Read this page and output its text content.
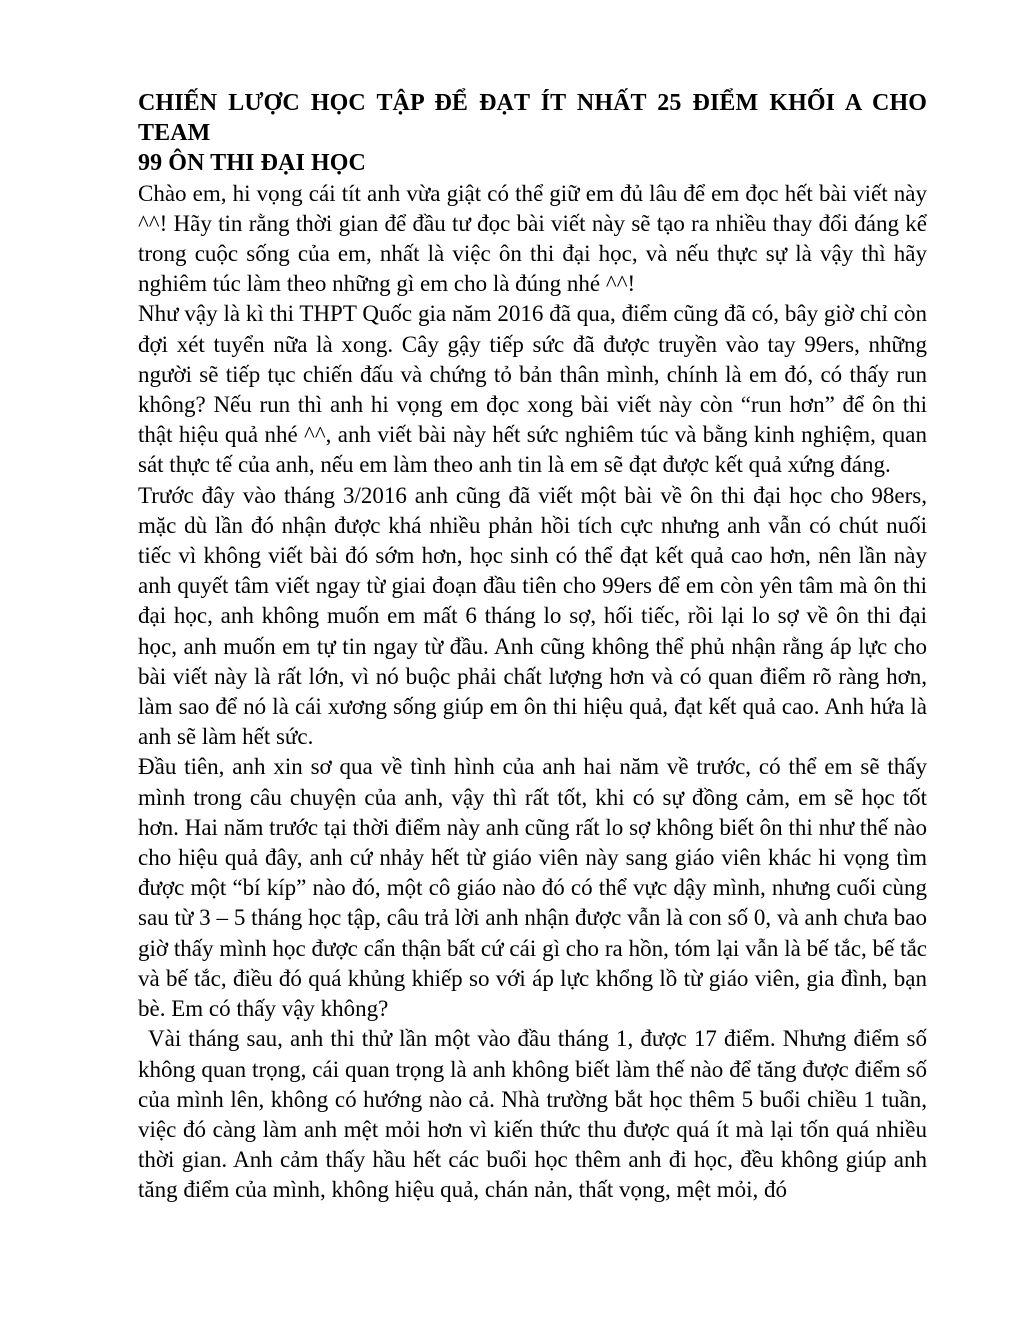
CHIẾN LƯỢC HỌC TẬP ĐỂ ĐẠT ÍT NHẤT 25 ĐIỂM KHỐI A CHO TEAM
99 ÔN THI ĐẠI HỌC
Chào em, hi vọng cái tít anh vừa giật có thể giữ em đủ lâu để em đọc hết bài viết này ^^! Hãy tin rằng thời gian để đầu tư đọc bài viết này sẽ tạo ra nhiều thay đổi đáng kể trong cuộc sống của em, nhất là việc ôn thi đại học, và nếu thực sự là vậy thì hãy nghiêm túc làm theo những gì em cho là đúng nhé ^^!
Như vậy là kì thi THPT Quốc gia năm 2016 đã qua, điểm cũng đã có, bây giờ chỉ còn đợi xét tuyển nữa là xong. Cây gậy tiếp sức đã được truyền vào tay 99ers, những người sẽ tiếp tục chiến đấu và chứng tỏ bản thân mình, chính là em đó, có thấy run không? Nếu run thì anh hi vọng em đọc xong bài viết này còn “run hơn” để ôn thi thật hiệu quả nhé ^^, anh viết bài này hết sức nghiêm túc và bằng kinh nghiệm, quan sát thực tế của anh, nếu em làm theo anh tin là em sẽ đạt được kết quả xứng đáng.
Trước đây vào tháng 3/2016 anh cũng đã viết một bài về ôn thi đại học cho 98ers, mặc dù lần đó nhận được khá nhiều phản hồi tích cực nhưng anh vẫn có chút nuối tiếc vì không viết bài đó sớm hơn, học sinh có thể đạt kết quả cao hơn, nên lần này anh quyết tâm viết ngay từ giai đoạn đầu tiên cho 99ers để em còn yên tâm mà ôn thi đại học, anh không muốn em mất 6 tháng lo sợ, hối tiếc, rồi lại lo sợ về ôn thi đại học, anh muốn em tự tin ngay từ đầu. Anh cũng không thể phủ nhận rằng áp lực cho bài viết này là rất lớn, vì nó buộc phải chất lượng hơn và có quan điểm rõ ràng hơn, làm sao để nó là cái xương sống giúp em ôn thi hiệu quả, đạt kết quả cao. Anh hứa là anh sẽ làm hết sức.
Đầu tiên, anh xin sơ qua về tình hình của anh hai năm về trước, có thể em sẽ thấy mình trong câu chuyện của anh, vậy thì rất tốt, khi có sự đồng cảm, em sẽ học tốt hơn. Hai năm trước tại thời điểm này anh cũng rất lo sợ không biết ôn thi như thế nào cho hiệu quả đây, anh cứ nhảy hết từ giáo viên này sang giáo viên khác hi vọng tìm được một “bí kíp” nào đó, một cô giáo nào đó có thể vực dậy mình, nhưng cuối cùng sau từ 3 – 5 tháng học tập, câu trả lời anh nhận được vẫn là con số 0, và anh chưa bao giờ thấy mình học được cẩn thận bất cứ cái gì cho ra hồn, tóm lại vẫn là bế tắc, bế tắc và bế tắc, điều đó quá khủng khiếp so với áp lực khổng lồ từ giáo viên, gia đình, bạn bè. Em có thấy vậy không?
Vài tháng sau, anh thi thử lần một vào đầu tháng 1, được 17 điểm. Nhưng điểm số không quan trọng, cái quan trọng là anh không biết làm thế nào để tăng được điểm số của mình lên, không có hướng nào cả. Nhà trường bắt học thêm 5 buổi chiều 1 tuần, việc đó càng làm anh mệt mỏi hơn vì kiến thức thu được quá ít mà lại tốn quá nhiều thời gian. Anh cảm thấy hầu hết các buổi học thêm anh đi học, đều không giúp anh tăng điểm của mình, không hiệu quả, chán nản, thất vọng, mệt mỏi, đó
